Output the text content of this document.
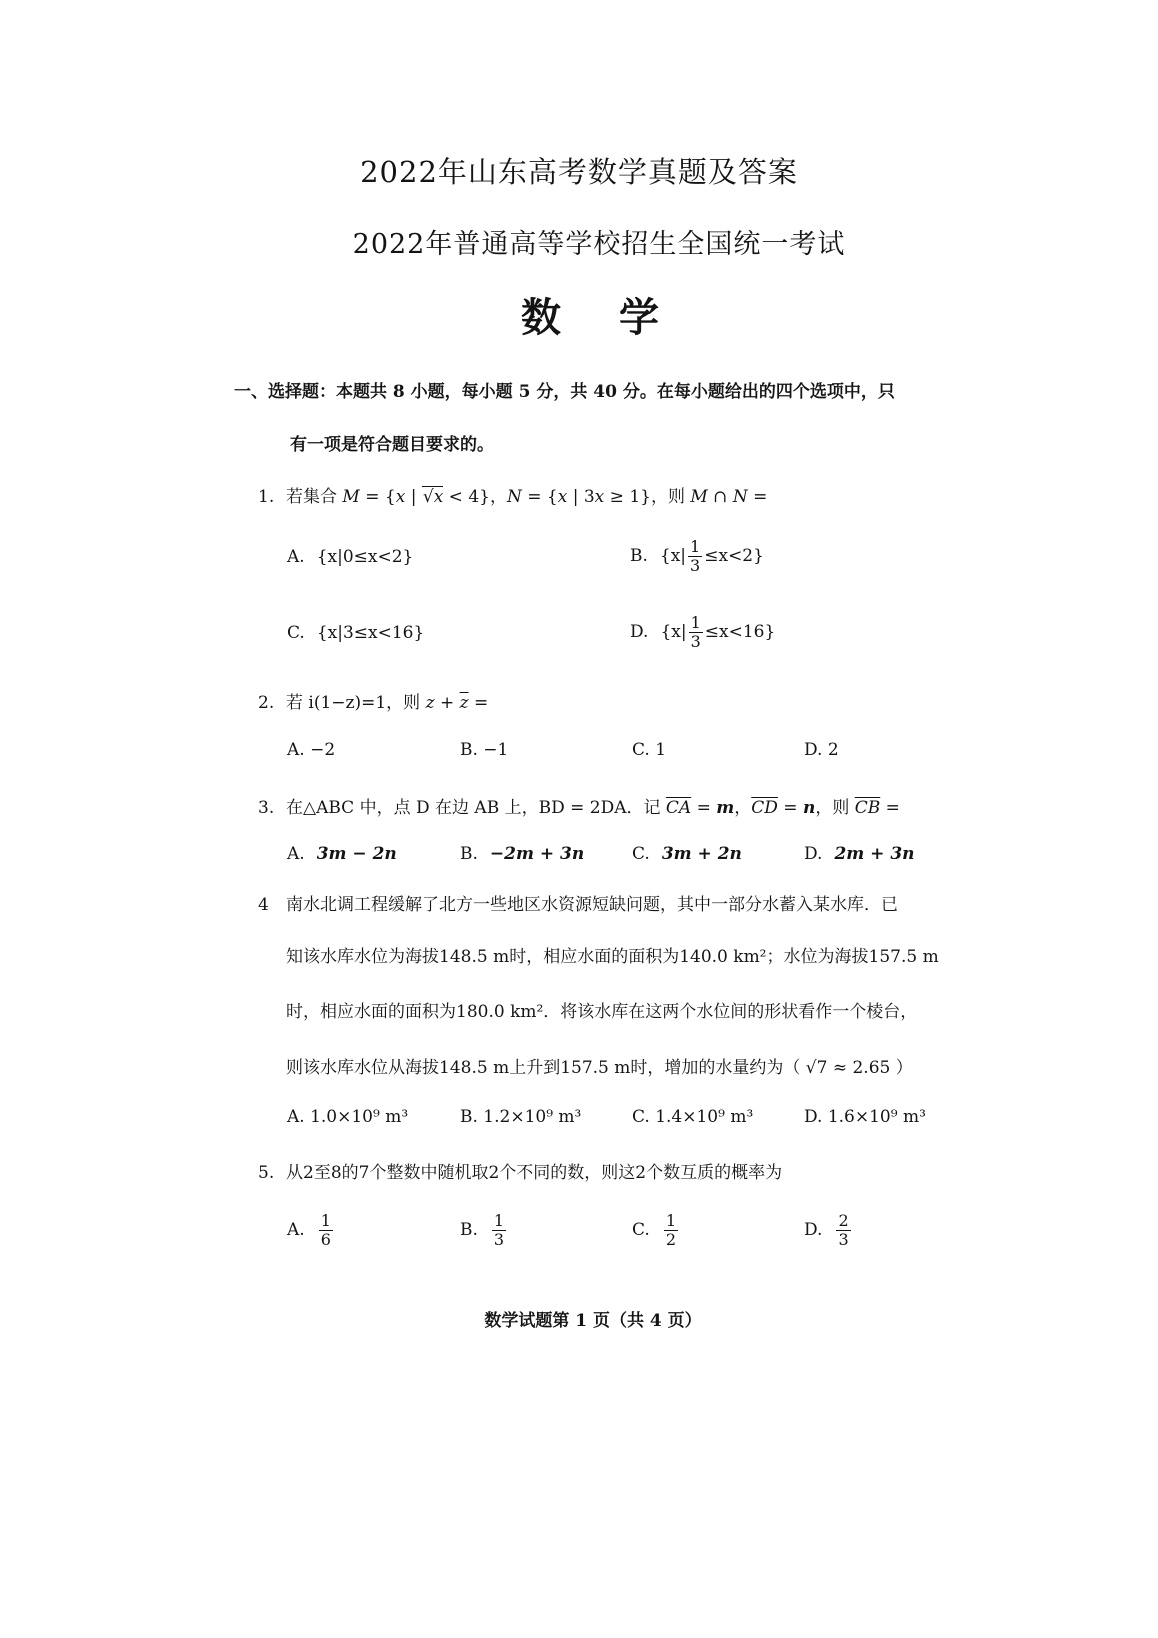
2022年山东高考数学真题及答案
2022年普通高等学校招生全国统一考试
数 学
一、选择题：本题共 8 小题，每小题 5 分，共 40 分。在每小题给出的四个选项中，只
有一项是符合题目要求的。
1. 若集合 M = {x | √x < 4}，N = {x | 3x ≥ 1}，则 M ∩ N =
A. {x|0≤x<2}	B. $\{x| \frac{1}{3} \le x<2\}$
C. {x|3≤x<16}	D. $\{x| \frac{1}{3} \le x<16\}$
2. 若 i(1−z)=1，则 $z + \overline{z}$ =
A. −2	B. −1	C. 1	D. 2
3. 在△ABC 中，点 D 在边 AB 上，BD = 2DA．记 $\overline{CA} = m$，$\overline{CD} = n$，则 $\overline{CB}$ =
A. 3m − 2n	B. −2m + 3n	C. 3m + 2n	D. 2m + 3n
4 南水北调工程缓解了北方一些地区水资源短缺问题，其中一部分水蓄入某水库．已
知该水库水位为海拔148.5 m时，相应水面的面积为140.0 km²；水位为海拔157.5 m
时，相应水面的面积为180.0 km²．将该水库在这两个水位间的形状看作一个棱台，
则该水库水位从海拔148.5 m上升到157.5 m时，增加的水量约为（ √7 ≈ 2.65 ）
A. 1.0×10⁹ m³	B. 1.2×10⁹ m³	C. 1.4×10⁹ m³	D. 1.6×10⁹ m³
5. 从2至8的7个整数中随机取2个不同的数，则这2个数互质的概率为
A. $\frac{1}{6}$	B. $\frac{1}{3}$	C. $\frac{1}{2}$	D. $\frac{2}{3}$
数学试题第 1 页（共 4 页）
